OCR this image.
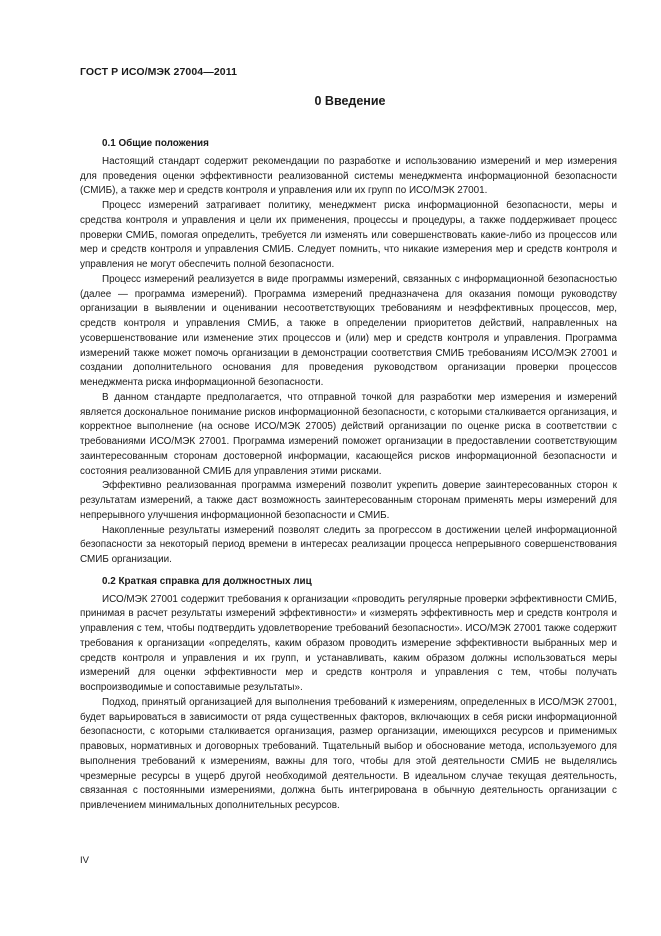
ГОСТ Р ИСО/МЭК 27004—2011
0 Введение
0.1 Общие положения

Настоящий стандарт содержит рекомендации по разработке и использованию измерений и мер измерения для проведения оценки эффективности реализованной системы менеджмента информационной безопасности (СМИБ), а также мер и средств контроля и управления или их групп по ИСО/МЭК 27001.

Процесс измерений затрагивает политику, менеджмент риска информационной безопасности, меры и средства контроля и управления и цели их применения, процессы и процедуры, а также поддерживает процесс проверки СМИБ, помогая определить, требуется ли изменять или совершенствовать какие-либо из процессов или мер и средств контроля и управления СМИБ. Следует помнить, что никакие измерения мер и средств контроля и управления не могут обеспечить полной безопасности.

Процесс измерений реализуется в виде программы измерений, связанных с информационной безопасностью (далее — программа измерений). Программа измерений предназначена для оказания помощи руководству организации в выявлении и оценивании несоответствующих требованиям и неэффективных процессов, мер, средств контроля и управления СМИБ, а также в определении приоритетов действий, направленных на усовершенствование или изменение этих процессов и (или) мер и средств контроля и управления. Программа измерений также может помочь организации в демонстрации соответствия СМИБ требованиям ИСО/МЭК 27001 и создании дополнительного основания для проведения руководством организации проверки процессов менеджмента риска информационной безопасности.

В данном стандарте предполагается, что отправной точкой для разработки мер измерения и измерений является доскональное понимание рисков информационной безопасности, с которыми сталкивается организация, и корректное выполнение (на основе ИСО/МЭК 27005) действий организации по оценке риска в соответствии с требованиями ИСО/МЭК 27001. Программа измерений поможет организации в предоставлении соответствующим заинтересованным сторонам достоверной информации, касающейся рисков информационной безопасности и состояния реализованной СМИБ для управления этими рисками.

Эффективно реализованная программа измерений позволит укрепить доверие заинтересованных сторон к результатам измерений, а также даст возможность заинтересованным сторонам применять меры измерений для непрерывного улучшения информационной безопасности и СМИБ.

Накопленные результаты измерений позволят следить за прогрессом в достижении целей информационной безопасности за некоторый период времени в интересах реализации процесса непрерывного совершенствования СМИБ организации.

0.2 Краткая справка для должностных лиц

ИСО/МЭК 27001 содержит требования к организации «проводить регулярные проверки эффективности СМИБ, принимая в расчет результаты измерений эффективности» и «измерять эффективность мер и средств контроля и управления с тем, чтобы подтвердить удовлетворение требований безопасности». ИСО/МЭК 27001 также содержит требования к организации «определять, каким образом проводить измерение эффективности выбранных мер и средств контроля и управления и их групп, и устанавливать, каким образом должны использоваться меры измерений для оценки эффективности мер и средств контроля и управления с тем, чтобы получать воспроизводимые и сопоставимые результаты».

Подход, принятый организацией для выполнения требований к измерениям, определенных в ИСО/МЭК 27001, будет варьироваться в зависимости от ряда существенных факторов, включающих в себя риски информационной безопасности, с которыми сталкивается организация, размер организации, имеющихся ресурсов и применимых правовых, нормативных и договорных требований. Тщательный выбор и обоснование метода, используемого для выполнения требований к измерениям, важны для того, чтобы для этой деятельности СМИБ не выделялись чрезмерные ресурсы в ущерб другой необходимой деятельности. В идеальном случае текущая деятельность, связанная с постоянными измерениями, должна быть интегрирована в обычную деятельность организации с привлечением минимальных дополнительных ресурсов.

IV
